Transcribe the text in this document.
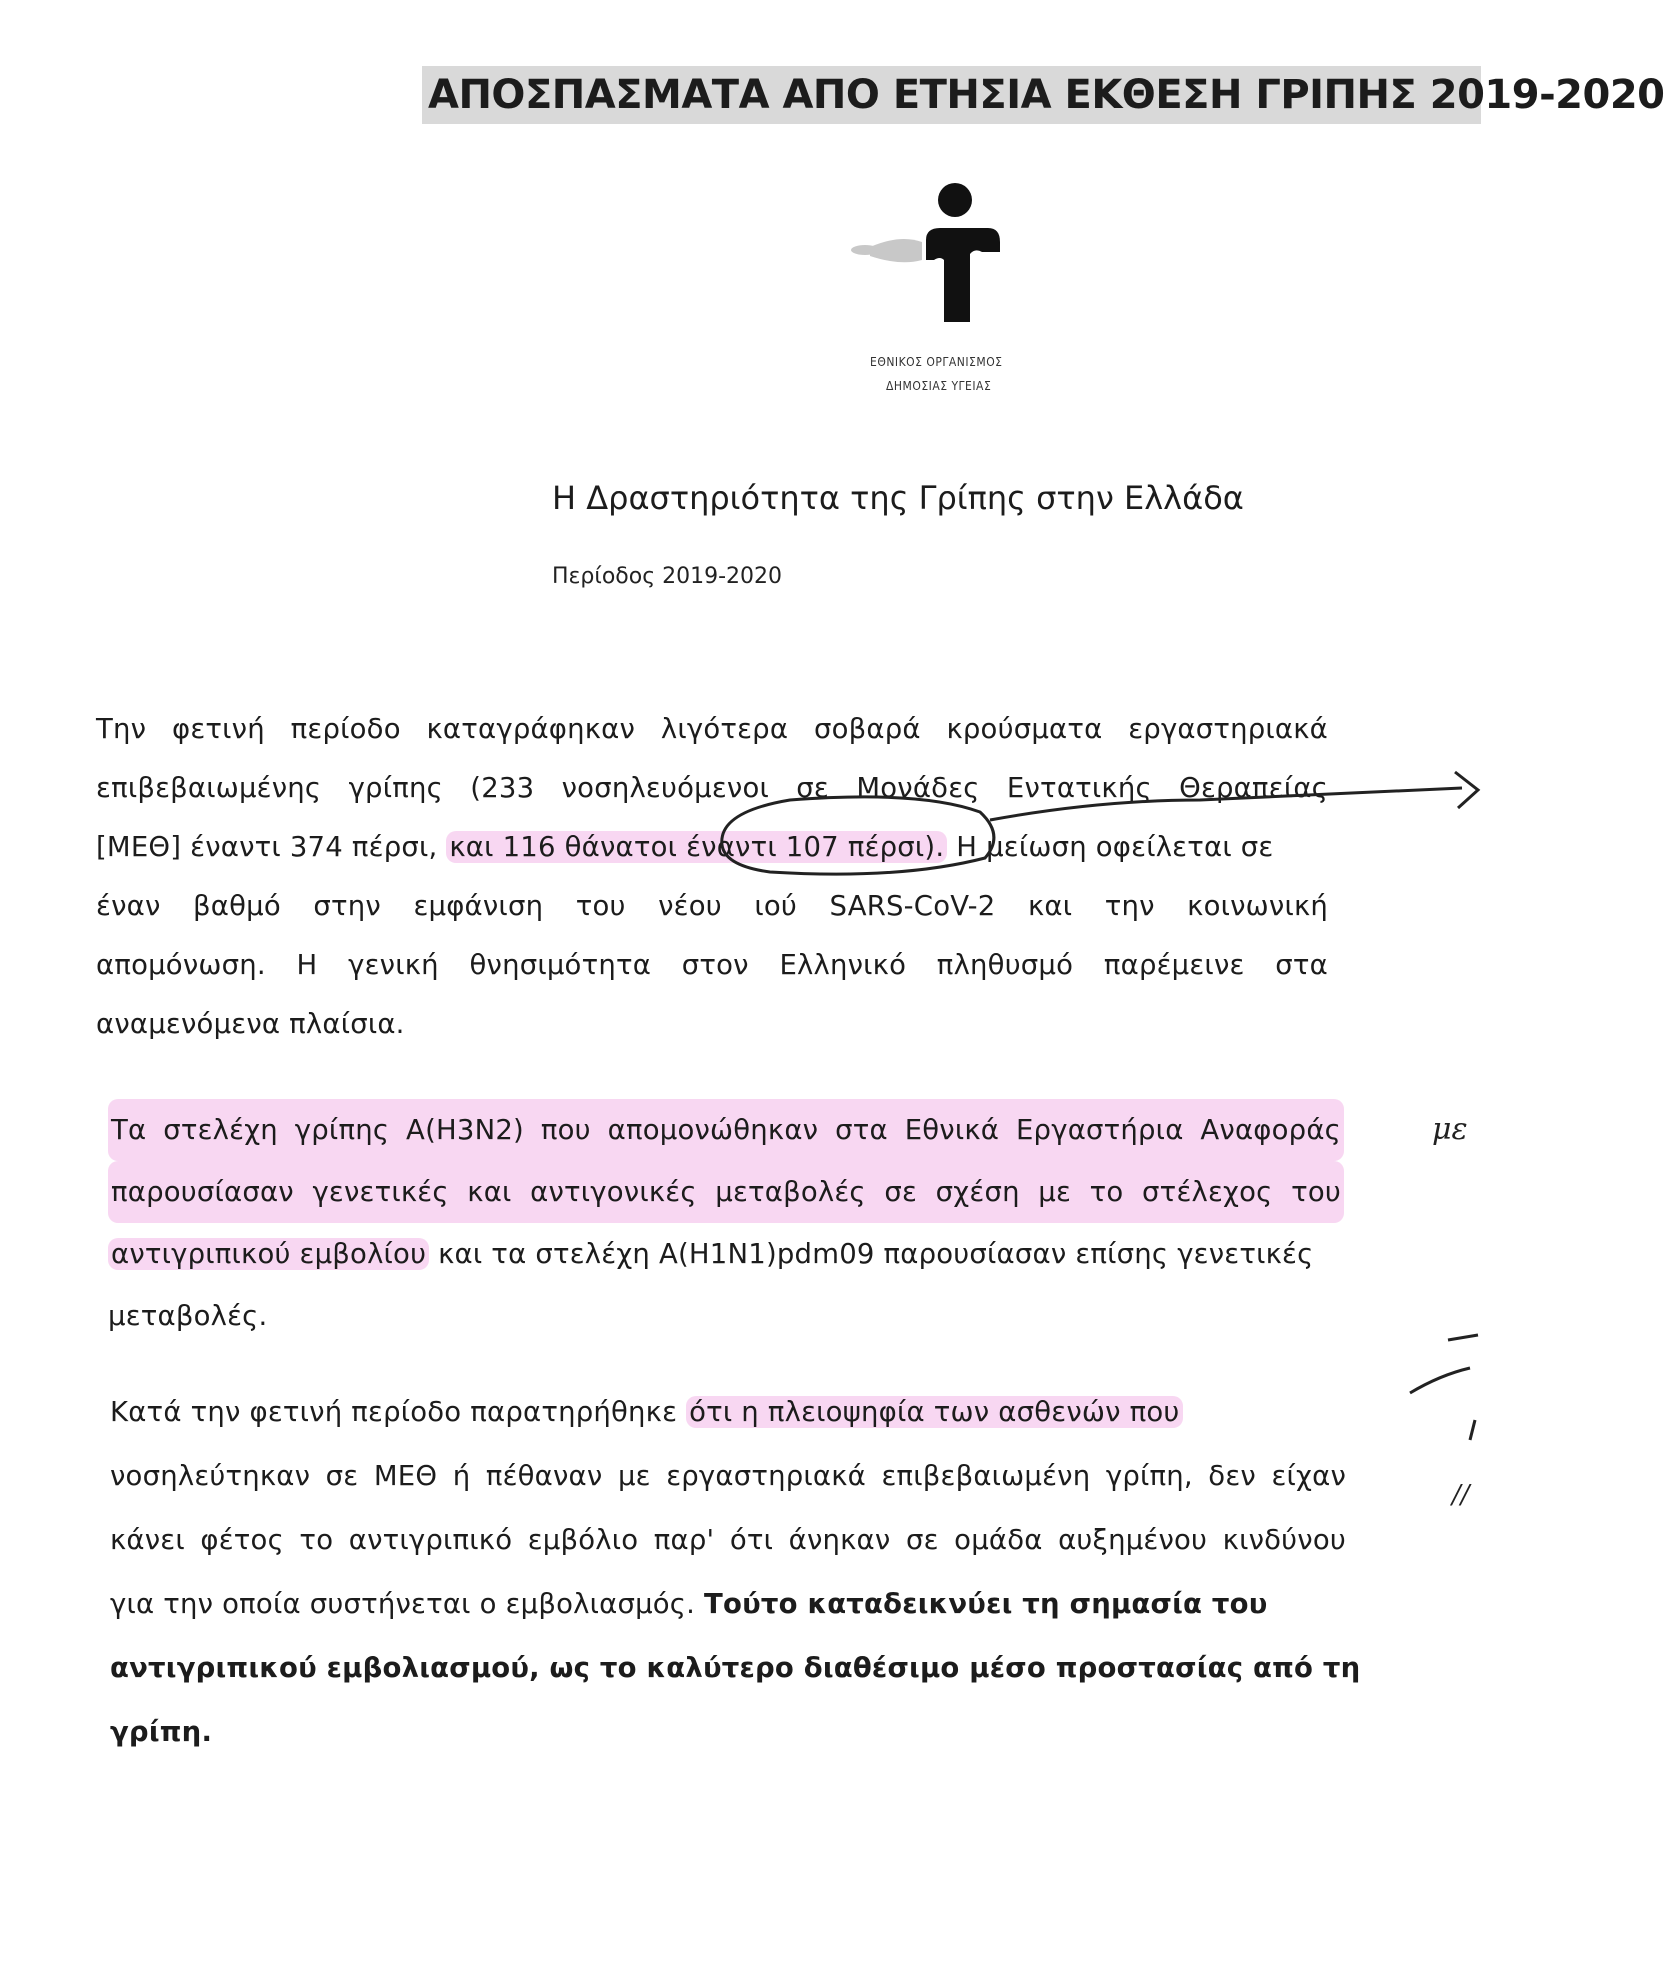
ΑΠΟΣΠΑΣΜΑΤΑ ΑΠΟ ΕΤΗΣΙΑ ΕΚΘΕΣΗ ΓΡΙΠΗΣ 2019-2020
ΕΘΝΙΚΟΣ ΟΡΓΑΝΙΣΜΟΣ
ΔΗΜΟΣΙΑΣ ΥΓΕΙΑΣ
Η Δραστηριότητα της Γρίπης στην Ελλάδα
Περίοδος 2019-2020
Την φετινή περίοδο καταγράφηκαν λιγότερα σοβαρά κρούσματα εργαστηριακά
επιβεβαιωμένης γρίπης (233 νοσηλευόμενοι σε Μονάδες Εντατικής Θεραπείας
[ΜΕΘ] έναντι 374 πέρσι, και 116 θάνατοι έναντι 107 πέρσι). Η μείωση οφείλεται σε
έναν βαθμό στην εμφάνιση του νέου ιού SARS-CoV-2 και την κοινωνική
απομόνωση. Η γενική θνησιμότητα στον Ελληνικό πληθυσμό παρέμεινε στα
αναμενόμενα πλαίσια.
Τα στελέχη γρίπης Α(H3N2) που απομονώθηκαν στα Εθνικά Εργαστήρια Αναφοράς
παρουσίασαν γενετικές και αντιγονικές μεταβολές σε σχέση με το στέλεχος του
αντιγριπικού εμβολίου και τα στελέχη Α(H1N1)pdm09 παρουσίασαν επίσης γενετικές
μεταβολές.
Κατά την φετινή περίοδο παρατηρήθηκε ότι η πλειοψηφία των ασθενών που
νοσηλεύτηκαν σε ΜΕΘ ή πέθαναν με εργαστηριακά επιβεβαιωμένη γρίπη, δεν είχαν
κάνει φέτος το αντιγριπικό εμβόλιο παρ' ότι άνηκαν σε ομάδα αυξημένου κινδύνου
για την οποία συστήνεται ο εμβολιασμός. Τούτο καταδεικνύει τη σημασία του
αντιγριπικού εμβολιασμού, ως το καλύτερο διαθέσιμο μέσο προστασίας από τη
γρίπη.
με
//
